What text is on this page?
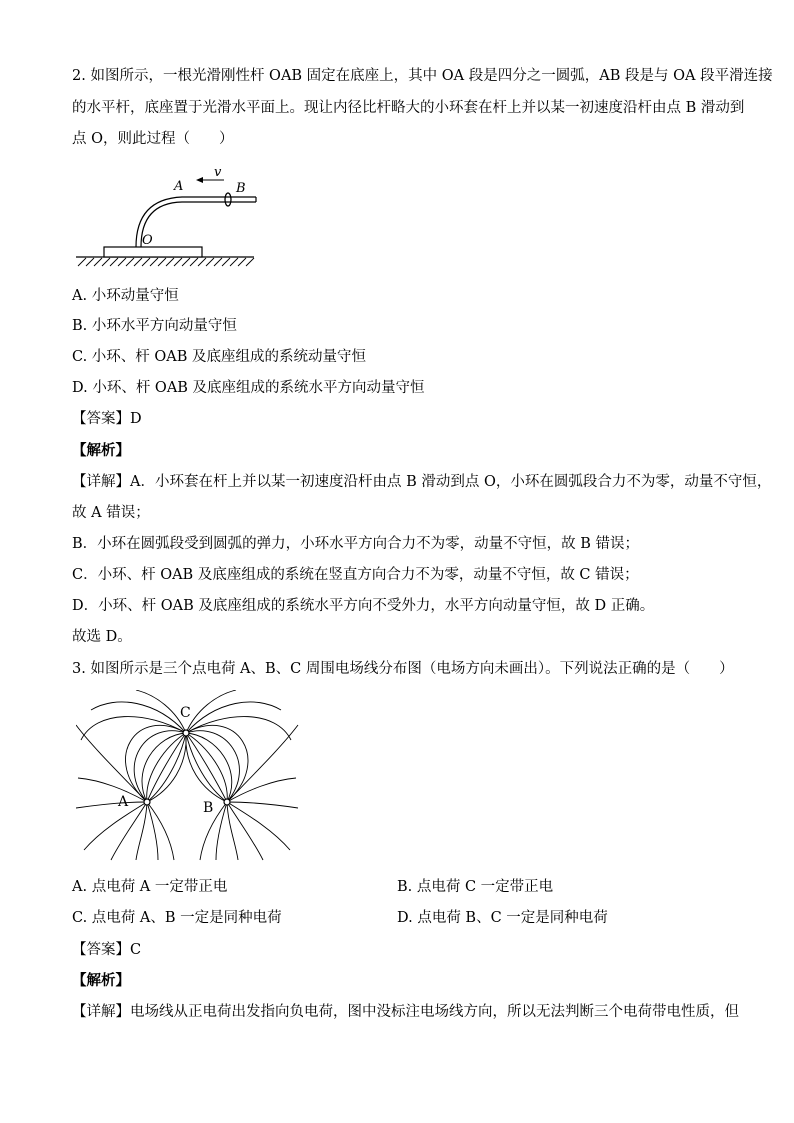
2. 如图所示，一根光滑刚性杆 OAB 固定在底座上，其中 OA 段是四分之一圆弧，AB 段是与 OA 段平滑连接
的水平杆，底座置于光滑水平面上。现让内径比杆略大的小环套在杆上并以某一初速度沿杆由点 B 滑动到
点 O，则此过程（　　）
v
A	B
O
A. 小环动量守恒
B. 小环水平方向动量守恒
C. 小环、杆 OAB 及底座组成的系统动量守恒
D. 小环、杆 OAB 及底座组成的系统水平方向动量守恒
【答案】D
【解析】
【详解】A．小环套在杆上并以某一初速度沿杆由点 B 滑动到点 O，小环在圆弧段合力不为零，动量不守恒，
故 A 错误；
B．小环在圆弧段受到圆弧的弹力，小环水平方向合力不为零，动量不守恒，故 B 错误；
C．小环、杆 OAB 及底座组成的系统在竖直方向合力不为零，动量不守恒，故 C 错误；
D．小环、杆 OAB 及底座组成的系统水平方向不受外力，水平方向动量守恒，故 D 正确。
故选 D。
3. 如图所示是三个点电荷 A、B、C 周围电场线分布图（电场方向未画出）。下列说法正确的是（　　）
C
A	B
A. 点电荷 A 一定带正电	B. 点电荷 C 一定带正电
C. 点电荷 A、B 一定是同种电荷	D. 点电荷 B、C 一定是同种电荷
【答案】C
【解析】
【详解】电场线从正电荷出发指向负电荷，图中没标注电场线方向，所以无法判断三个电荷带电性质，但
